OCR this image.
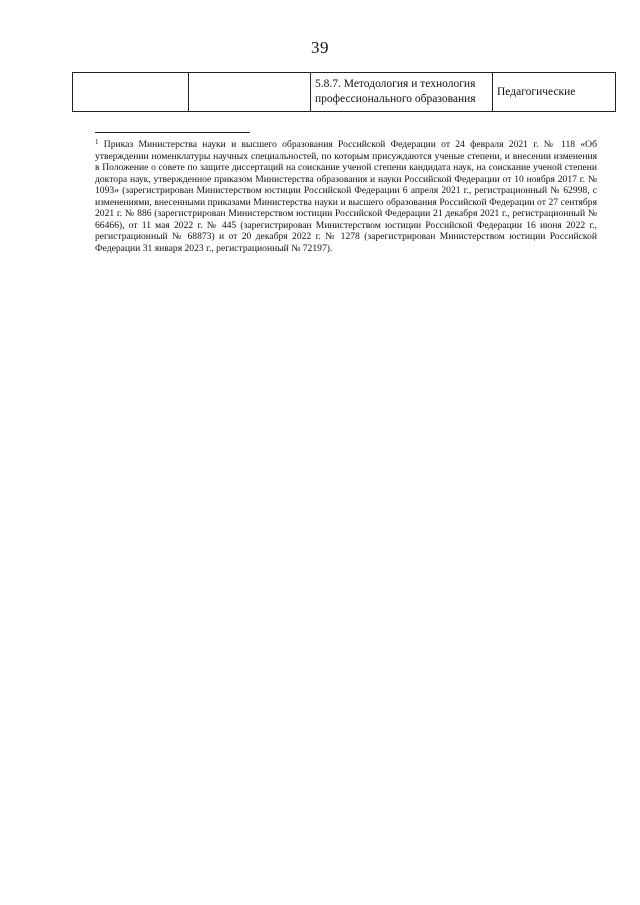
39
		5.8.7. Методология и технология профессионального образования	Педагогические
$^1$ Приказ Министерства науки и высшего образования Российской Федерации от 24 февраля 2021 г. № 118 «Об утверждении номенклатуры научных специальностей, по которым присуждаются ученые степени, и внесении изменения в Положение о совете по защите диссертаций на соискание ученой степени кандидата наук, на соискание ученой степени доктора наук, утвержденное приказом Министерства образования и науки Российской Федерации от 10 ноября 2017 г. № 1093» (зарегистрирован Министерством юстиции Российской Федерации 6 апреля 2021 г., регистрационный № 62998, с изменениями, внесенными приказами Министерства науки и высшего образования Российской Федерации от 27 сентября 2021 г. № 886 (зарегистрирован Министерством юстиции Российской Федерации 21 декабря 2021 г., регистрационный № 66466), от 11 мая 2022 г. № 445 (зарегистрирован Министерством юстиции Российской Федерации 16 июня 2022 г., регистрационный № 68873) и от 20 декабря 2022 г. № 1278 (зарегистрирован Министерством юстиции Российской Федерации 31 января 2023 г., регистрационный № 72197).
